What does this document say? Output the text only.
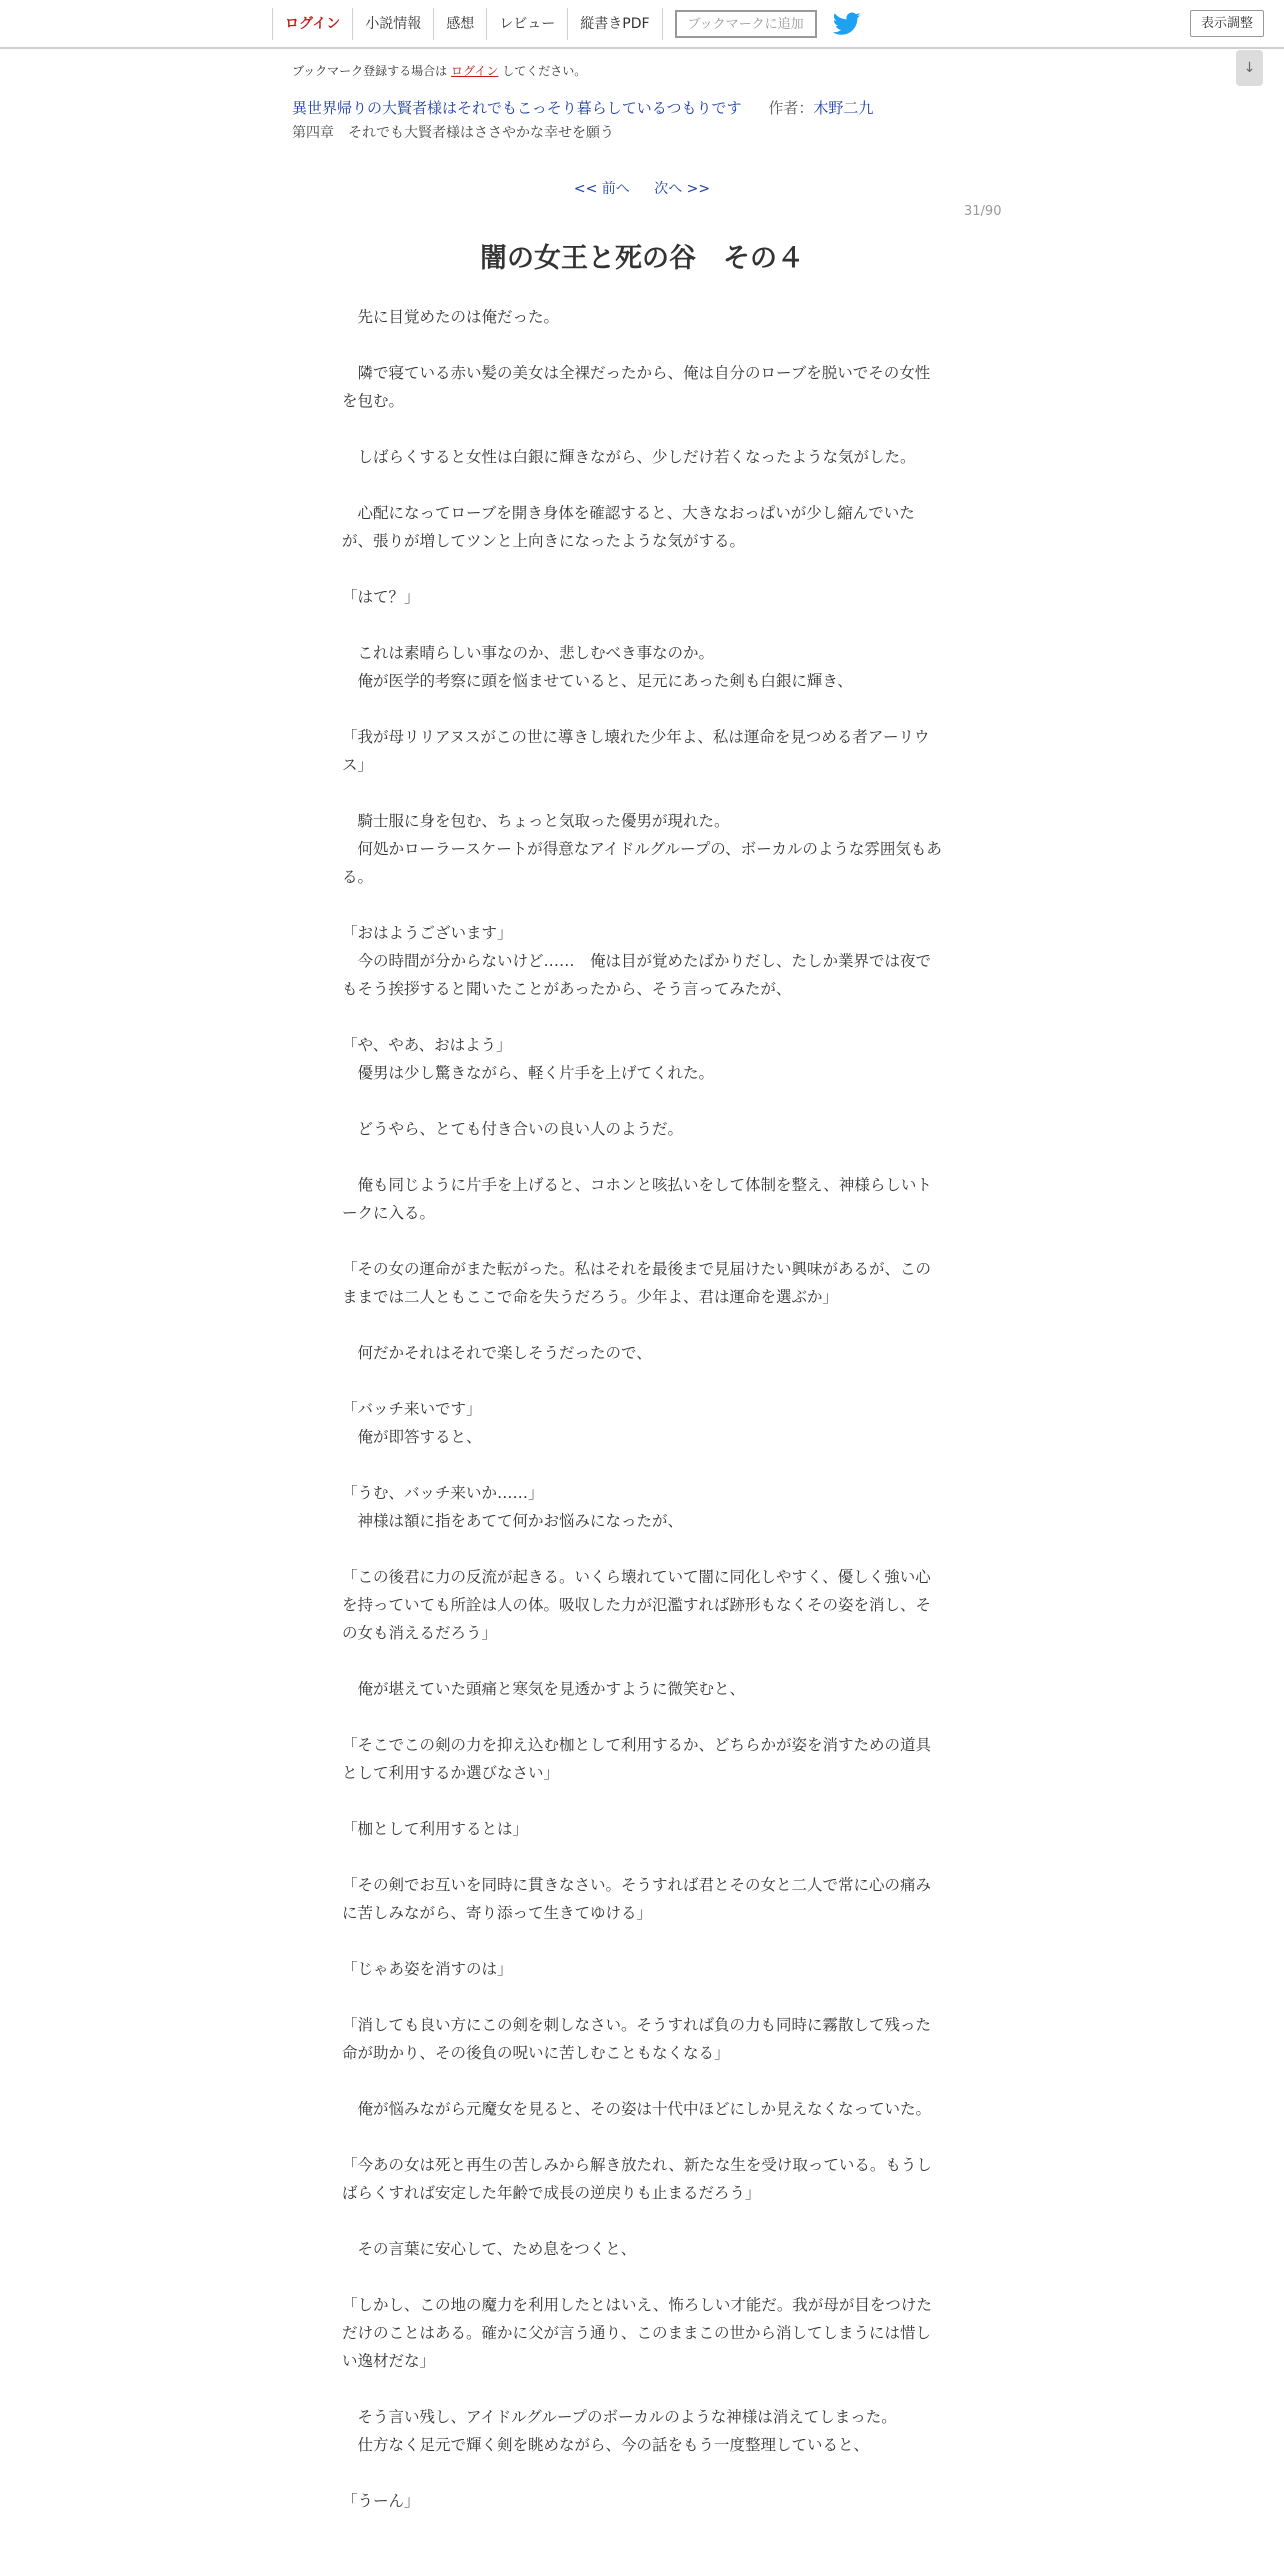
ログイン	小説情報	感想	レビュー	縦書きPDF	ブックマークに追加	表示調整
↓
ブックマーク登録する場合は ログイン してください。
異世界帰りの大賢者様はそれでもこっそり暮らしているつもりです 作者：木野二九
第四章　それでも大賢者様はささやかな幸せを願う
<< 前へ 次へ >>
31/90
闇の女王と死の谷　その４

　先に目覚めたのは俺だった。

　隣で寝ている赤い髪の美女は全裸だったから、俺は自分のローブを脱いでその女性を包む。

　しばらくすると女性は白銀に輝きながら、少しだけ若くなったような気がした。

　心配になってローブを開き身体を確認すると、大きなおっぱいが少し縮んでいたが、張りが増してツンと上向きになったような気がする。

「はて？」

　これは素晴らしい事なのか、悲しむべき事なのか。

　俺が医学的考察に頭を悩ませていると、足元にあった剣も白銀に輝き、

「我が母リリアヌスがこの世に導きし壊れた少年よ、私は運命を見つめる者アーリウス」

　騎士服に身を包む、ちょっと気取った優男が現れた。

　何処かローラースケートが得意なアイドルグループの、ボーカルのような雰囲気もある。

「おはようございます」

　今の時間が分からないけど……　俺は目が覚めたばかりだし、たしか業界では夜でもそう挨拶すると聞いたことがあったから、そう言ってみたが、

「や、やあ、おはよう」

　優男は少し驚きながら、軽く片手を上げてくれた。

　どうやら、とても付き合いの良い人のようだ。

　俺も同じように片手を上げると、コホンと咳払いをして体制を整え、神様らしいトークに入る。

「その女の運命がまた転がった。私はそれを最後まで見届けたい興味があるが、このままでは二人ともここで命を失うだろう。少年よ、君は運命を選ぶか」

　何だかそれはそれで楽しそうだったので、

「バッチ来いです」

　俺が即答すると、

「うむ、バッチ来いか……」

　神様は額に指をあてて何かお悩みになったが、

「この後君に力の反流が起きる。いくら壊れていて闇に同化しやすく、優しく強い心を持っていても所詮は人の体。吸収した力が氾濫すれば跡形もなくその姿を消し、その女も消えるだろう」

　俺が堪えていた頭痛と寒気を見透かすように微笑むと、

「そこでこの剣の力を抑え込む枷として利用するか、どちらかが姿を消すための道具として利用するか選びなさい」

「枷として利用するとは」

「その剣でお互いを同時に貫きなさい。そうすれば君とその女と二人で常に心の痛みに苦しみながら、寄り添って生きてゆける」

「じゃあ姿を消すのは」

「消しても良い方にこの剣を刺しなさい。そうすれば負の力も同時に霧散して残った命が助かり、その後負の呪いに苦しむこともなくなる」

　俺が悩みながら元魔女を見ると、その姿は十代中ほどにしか見えなくなっていた。

「今あの女は死と再生の苦しみから解き放たれ、新たな生を受け取っている。もうしばらくすれば安定した年齢で成長の逆戻りも止まるだろう」

　その言葉に安心して、ため息をつくと、

「しかし、この地の魔力を利用したとはいえ、怖ろしい才能だ。我が母が目をつけただけのことはある。確かに父が言う通り、このままこの世から消してしまうには惜しい逸材だな」

　そう言い残し、アイドルグループのボーカルのような神様は消えてしまった。

　仕方なく足元で輝く剣を眺めながら、今の話をもう一度整理していると、

「うーん」
